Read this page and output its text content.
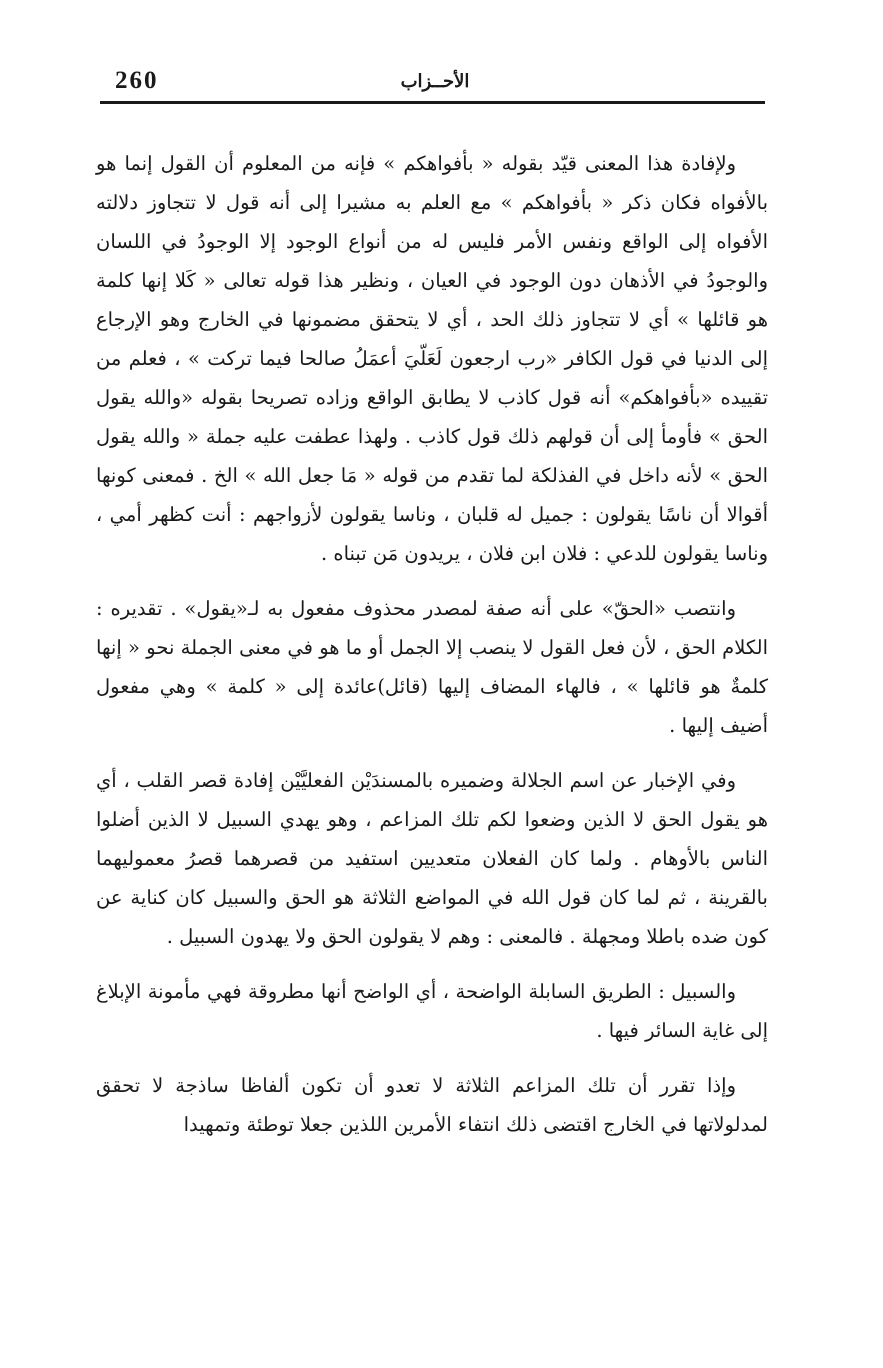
260	الأحــزاب

ولإفادة هذا المعنى قيّد بقوله « بأفواهكم » فإنه من المعلوم أن القول إنما هو بالأفواه فكان ذكر « بأفواهكم » مع العلم به مشيرا إلى أنه قول لا تتجاوز دلالته الأفواه إلى الواقع ونفس الأمر فليس له من أنواع الوجود إلا الوجودُ في اللسان والوجودُ في الأذهان دون الوجود في العيان ، ونظير هذا قوله تعالى « كَلا إنها كلمة هو قائلها » أي لا تتجاوز ذلك الحد ، أي لا يتحقق مضمونها في الخارج وهو الإرجاع إلى الدنيا في قول الكافر «رب ارجعون لَعَلّيَ أعمَلُ صالحا فيما تركت » ، فعلم من تقييده «بأفواهكم» أنه قول كاذب لا يطابق الواقع وزاده تصريحا بقوله «والله يقول الحق » فأومأ إلى أن قولهم ذلك قول كاذب . ولهذا عطفت عليه جملة « والله يقول الحق » لأنه داخل في الفذلكة لما تقدم من قوله « مَا جعل الله » الخ . فمعنى كونها أقوالا أن ناسًا يقولون : جميل له قلبان ، وناسا يقولون لأزواجهم : أنت كظهر أمي ، وناسا يقولون للدعي : فلان ابن فلان ، يريدون مَن تبناه .

وانتصب «الحقّ» على أنه صفة لمصدر محذوف مفعول به لـ«يقول» . تقديره : الكلام الحق ، لأن فعل القول لا ينصب إلا الجمل أو ما هو في معنى الجملة نحو « إنها كلمةٌ هو قائلها » ، فالهاء المضاف إليها (قائل)عائدة إلى « كلمة » وهي مفعول أضيف إليها .

وفي الإخبار عن اسم الجلالة وضميره بالمسندَيْن الفعليَّيْن إفادة قصر القلب ، أي هو يقول الحق لا الذين وضعوا لكم تلك المزاعم ، وهو يهدي السبيل لا الذين أضلوا الناس بالأوهام . ولما كان الفعلان متعديين استفيد من قصرهما قصرُ معموليهما بالقرينة ، ثم لما كان قول الله في المواضع الثلاثة هو الحق والسبيل كان كناية عن كون ضده باطلا ومجهلة . فالمعنى : وهم لا يقولون الحق ولا يهدون السبيل .

والسبيل : الطريق السابلة الواضحة ، أي الواضح أنها مطروقة فهي مأمونة الإبلاغ إلى غاية السائر فيها .

وإذا تقرر أن تلك المزاعم الثلاثة لا تعدو أن تكون ألفاظا ساذجة لا تحقق لمدلولاتها في الخارج اقتضى ذلك انتفاء الأمرين اللذين جعلا توطئة وتمهيدا
